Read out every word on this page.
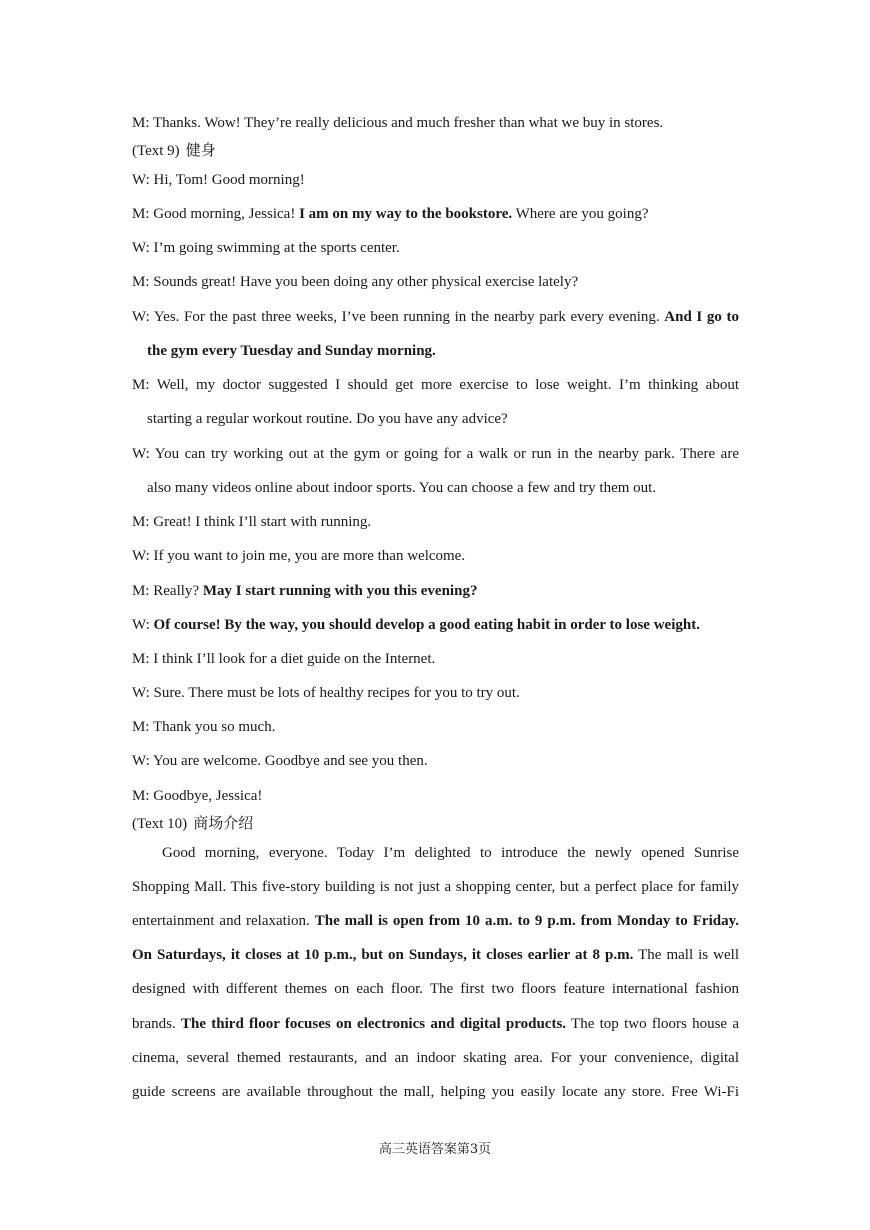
M: Thanks. Wow! They’re really delicious and much fresher than what we buy in stores.
(Text 9) 健身
W: Hi, Tom! Good morning!
M: Good morning, Jessica! I am on my way to the bookstore. Where are you going?
W: I’m going swimming at the sports center.
M: Sounds great! Have you been doing any other physical exercise lately?
W: Yes. For the past three weeks, I’ve been running in the nearby park every evening. And I go to
the gym every Tuesday and Sunday morning.
M: Well, my doctor suggested I should get more exercise to lose weight. I’m thinking about
starting a regular workout routine. Do you have any advice?
W: You can try working out at the gym or going for a walk or run in the nearby park. There are
also many videos online about indoor sports. You can choose a few and try them out.
M: Great! I think I’ll start with running.
W: If you want to join me, you are more than welcome.
M: Really? May I start running with you this evening?
W: Of course! By the way, you should develop a good eating habit in order to lose weight.
M: I think I’ll look for a diet guide on the Internet.
W: Sure. There must be lots of healthy recipes for you to try out.
M: Thank you so much.
W: You are welcome. Goodbye and see you then.
M: Goodbye, Jessica!
(Text 10) 商场介绍
Good morning, everyone. Today I’m delighted to introduce the newly opened Sunrise
Shopping Mall. This five-story building is not just a shopping center, but a perfect place for family
entertainment and relaxation. The mall is open from 10 a.m. to 9 p.m. from Monday to Friday.
On Saturdays, it closes at 10 p.m., but on Sundays, it closes earlier at 8 p.m. The mall is well
designed with different themes on each floor. The first two floors feature international fashion
brands. The third floor focuses on electronics and digital products. The top two floors house a
cinema, several themed restaurants, and an indoor skating area. For your convenience, digital
guide screens are available throughout the mall, helping you easily locate any store. Free Wi-Fi
高三英语答案第3页
